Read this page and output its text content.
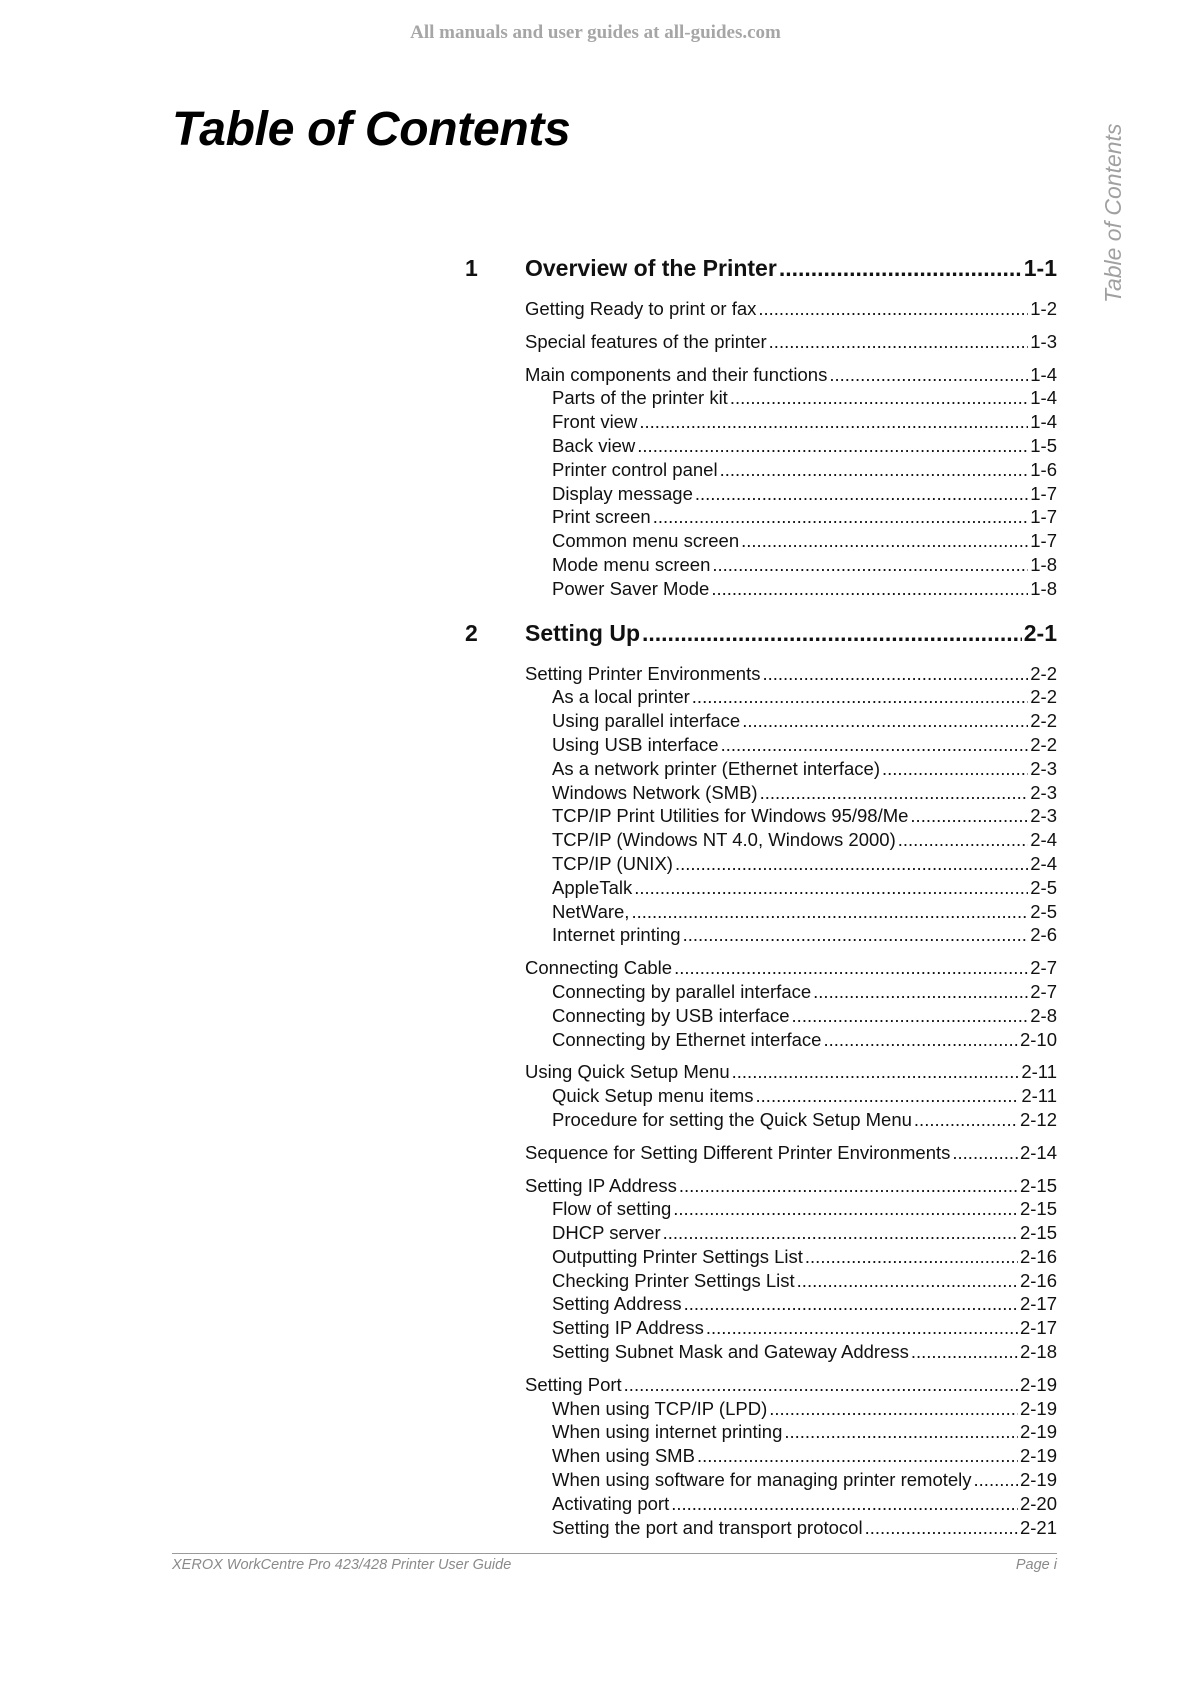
All manuals and user guides at all-guides.com
Table of Contents	Table of Contents
1	Overview of the Printer .....	1-1
Getting Ready to print or fax .....	1-2
Special features of the printer .....	1-3
Main components and their functions .....	1-4
Parts of the printer kit .....	1-4
Front view .....	1-4
Back view .....	1-5
Printer control panel .....	1-6
Display message .....	1-7
Print screen .....	1-7
Common menu screen .....	1-7
Mode menu screen .....	1-8
Power Saver Mode .....	1-8
2	Setting Up .....	2-1
Setting Printer Environments .....	2-2
As a local printer .....	2-2
Using parallel interface .....	2-2
Using USB interface .....	2-2
As a network printer (Ethernet interface) .....	2-3
Windows Network (SMB) .....	2-3
TCP/IP Print Utilities for Windows 95/98/Me .....	2-3
TCP/IP (Windows NT 4.0, Windows 2000) .....	2-4
TCP/IP (UNIX) .....	2-4
AppleTalk .....	2-5
NetWare, .....	2-5
Internet printing .....	2-6
Connecting Cable .....	2-7
Connecting by parallel interface .....	2-7
Connecting by USB interface .....	2-8
Connecting by Ethernet interface .....	2-10
Using Quick Setup Menu .....	2-11
Quick Setup menu items .....	2-11
Procedure for setting the Quick Setup Menu .....	2-12
Sequence for Setting Different Printer Environments .....	2-14
Setting IP Address .....	2-15
Flow of setting .....	2-15
DHCP server .....	2-15
Outputting Printer Settings List .....	2-16
Checking Printer Settings List .....	2-16
Setting Address .....	2-17
Setting IP Address .....	2-17
Setting Subnet Mask and Gateway Address .....	2-18
Setting Port .....	2-19
When using TCP/IP (LPD) .....	2-19
When using internet printing .....	2-19
When using SMB .....	2-19
When using software for managing printer remotely .....	2-19
Activating port .....	2-20
Setting the port and transport protocol .....	2-21
XEROX WorkCentre Pro 423/428 Printer User Guide	Page i
